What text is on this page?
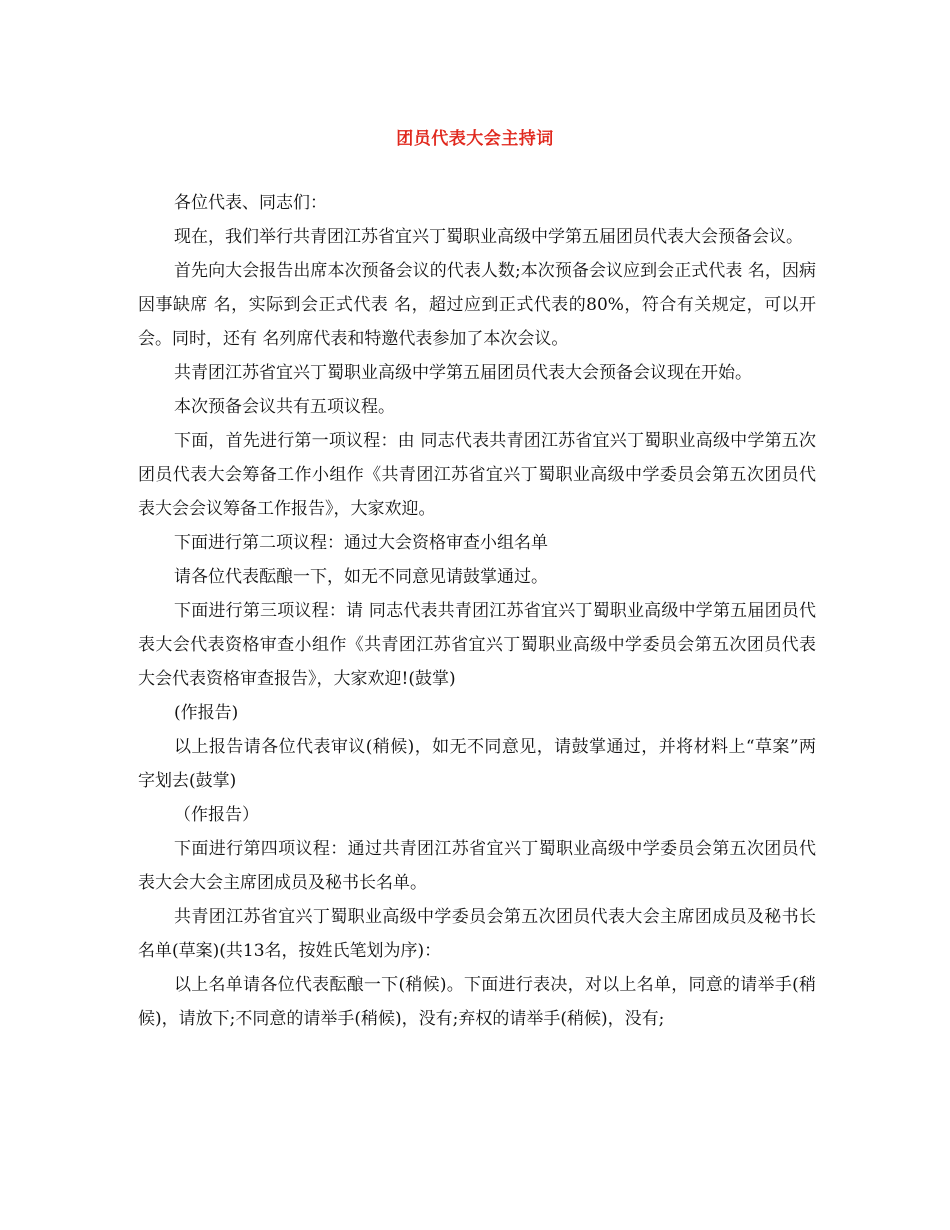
团员代表大会主持词

各位代表、同志们：

现在，我们举行共青团江苏省宜兴丁蜀职业高级中学第五届团员代表大会预备会议。

首先向大会报告出席本次预备会议的代表人数;本次预备会议应到会正式代表 名，因病因事缺席 名，实际到会正式代表 名，超过应到正式代表的80%，符合有关规定，可以开会。同时，还有 名列席代表和特邀代表参加了本次会议。

共青团江苏省宜兴丁蜀职业高级中学第五届团员代表大会预备会议现在开始。

本次预备会议共有五项议程。

下面，首先进行第一项议程：由 同志代表共青团江苏省宜兴丁蜀职业高级中学第五次团员代表大会筹备工作小组作《共青团江苏省宜兴丁蜀职业高级中学委员会第五次团员代表大会会议筹备工作报告》，大家欢迎。

下面进行第二项议程：通过大会资格审查小组名单

请各位代表酝酿一下，如无不同意见请鼓掌通过。

下面进行第三项议程：请 同志代表共青团江苏省宜兴丁蜀职业高级中学第五届团员代表大会代表资格审查小组作《共青团江苏省宜兴丁蜀职业高级中学委员会第五次团员代表大会代表资格审查报告》，大家欢迎!(鼓掌)

(作报告)

以上报告请各位代表审议(稍候)，如无不同意见，请鼓掌通过，并将材料上“草案”两字划去(鼓掌)

（作报告）

下面进行第四项议程：通过共青团江苏省宜兴丁蜀职业高级中学委员会第五次团员代表大会大会主席团成员及秘书长名单。

共青团江苏省宜兴丁蜀职业高级中学委员会第五次团员代表大会主席团成员及秘书长名单(草案)(共13名，按姓氏笔划为序)：

以上名单请各位代表酝酿一下(稍候)。下面进行表决，对以上名单，同意的请举手(稍候)，请放下;不同意的请举手(稍候)，没有;弃权的请举手(稍候)，没有;
